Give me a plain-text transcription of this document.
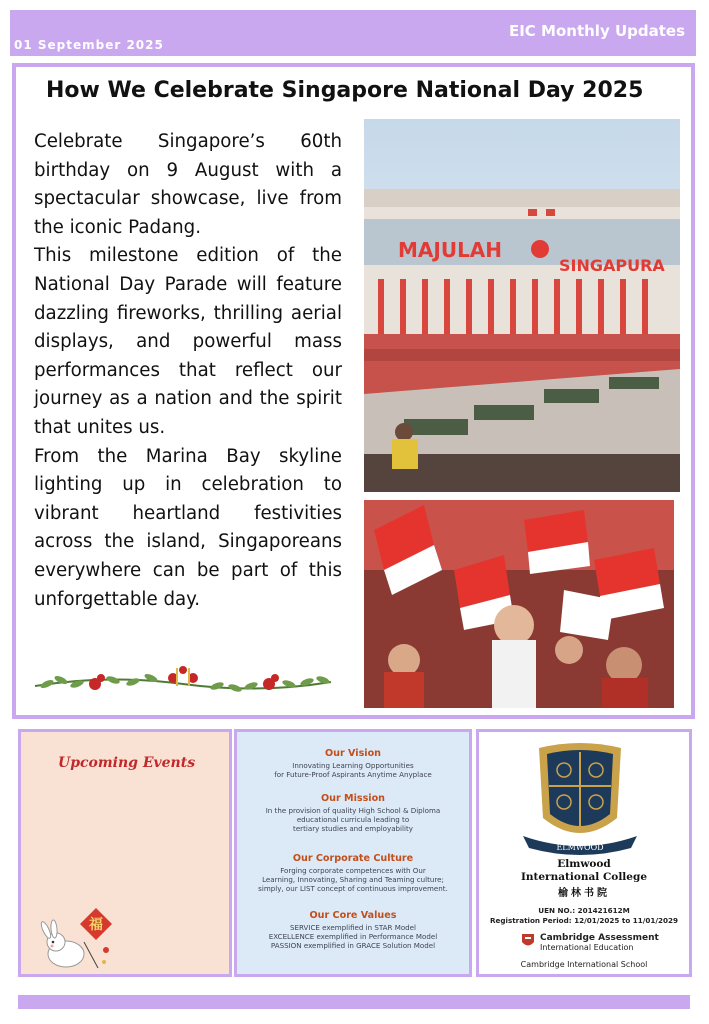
01 September 2025
EIC Monthly Updates
How We Celebrate Singapore National Day 2025

Celebrate Singapore’s 60th birthday on 9 August with a spectacular showcase, live from the iconic Padang.

This milestone edition of the National Day Parade will feature dazzling fireworks, thrilling aerial displays, and powerful mass performances that reflect our journey as a nation and the spirit that unites us.

From the Marina Bay skyline lighting up in celebration to vibrant heartland festivities across the island, Singaporeans everywhere can be part of this unforgettable day.

MAJULAH
SINGAPURA
Upcoming Events
福

Our Vision

Innovating Learning Opportunities

for Future-Proof Aspirants Anytime Anyplace

Our Mission

In the provision of quality High School & Diploma

educational curricula leading to

tertiary studies and employability

Our Corporate Culture

Forging corporate competences with Our

Learning, Innovating, Sharing and Teaming culture;

simply, our LIST concept of continuous improvement.

Our Core Values

SERVICE exemplified in STAR Model

EXCELLENCE exemplified in Performance Model

PASSION exemplified in GRACE Solution Model

ELMWOOD
Elmwood
International College
榆林书院
UEN NO.: 201421612M
Registration Period: 12/01/2025 to 11/01/2029
Cambridge Assessment
International Education
Cambridge International School
